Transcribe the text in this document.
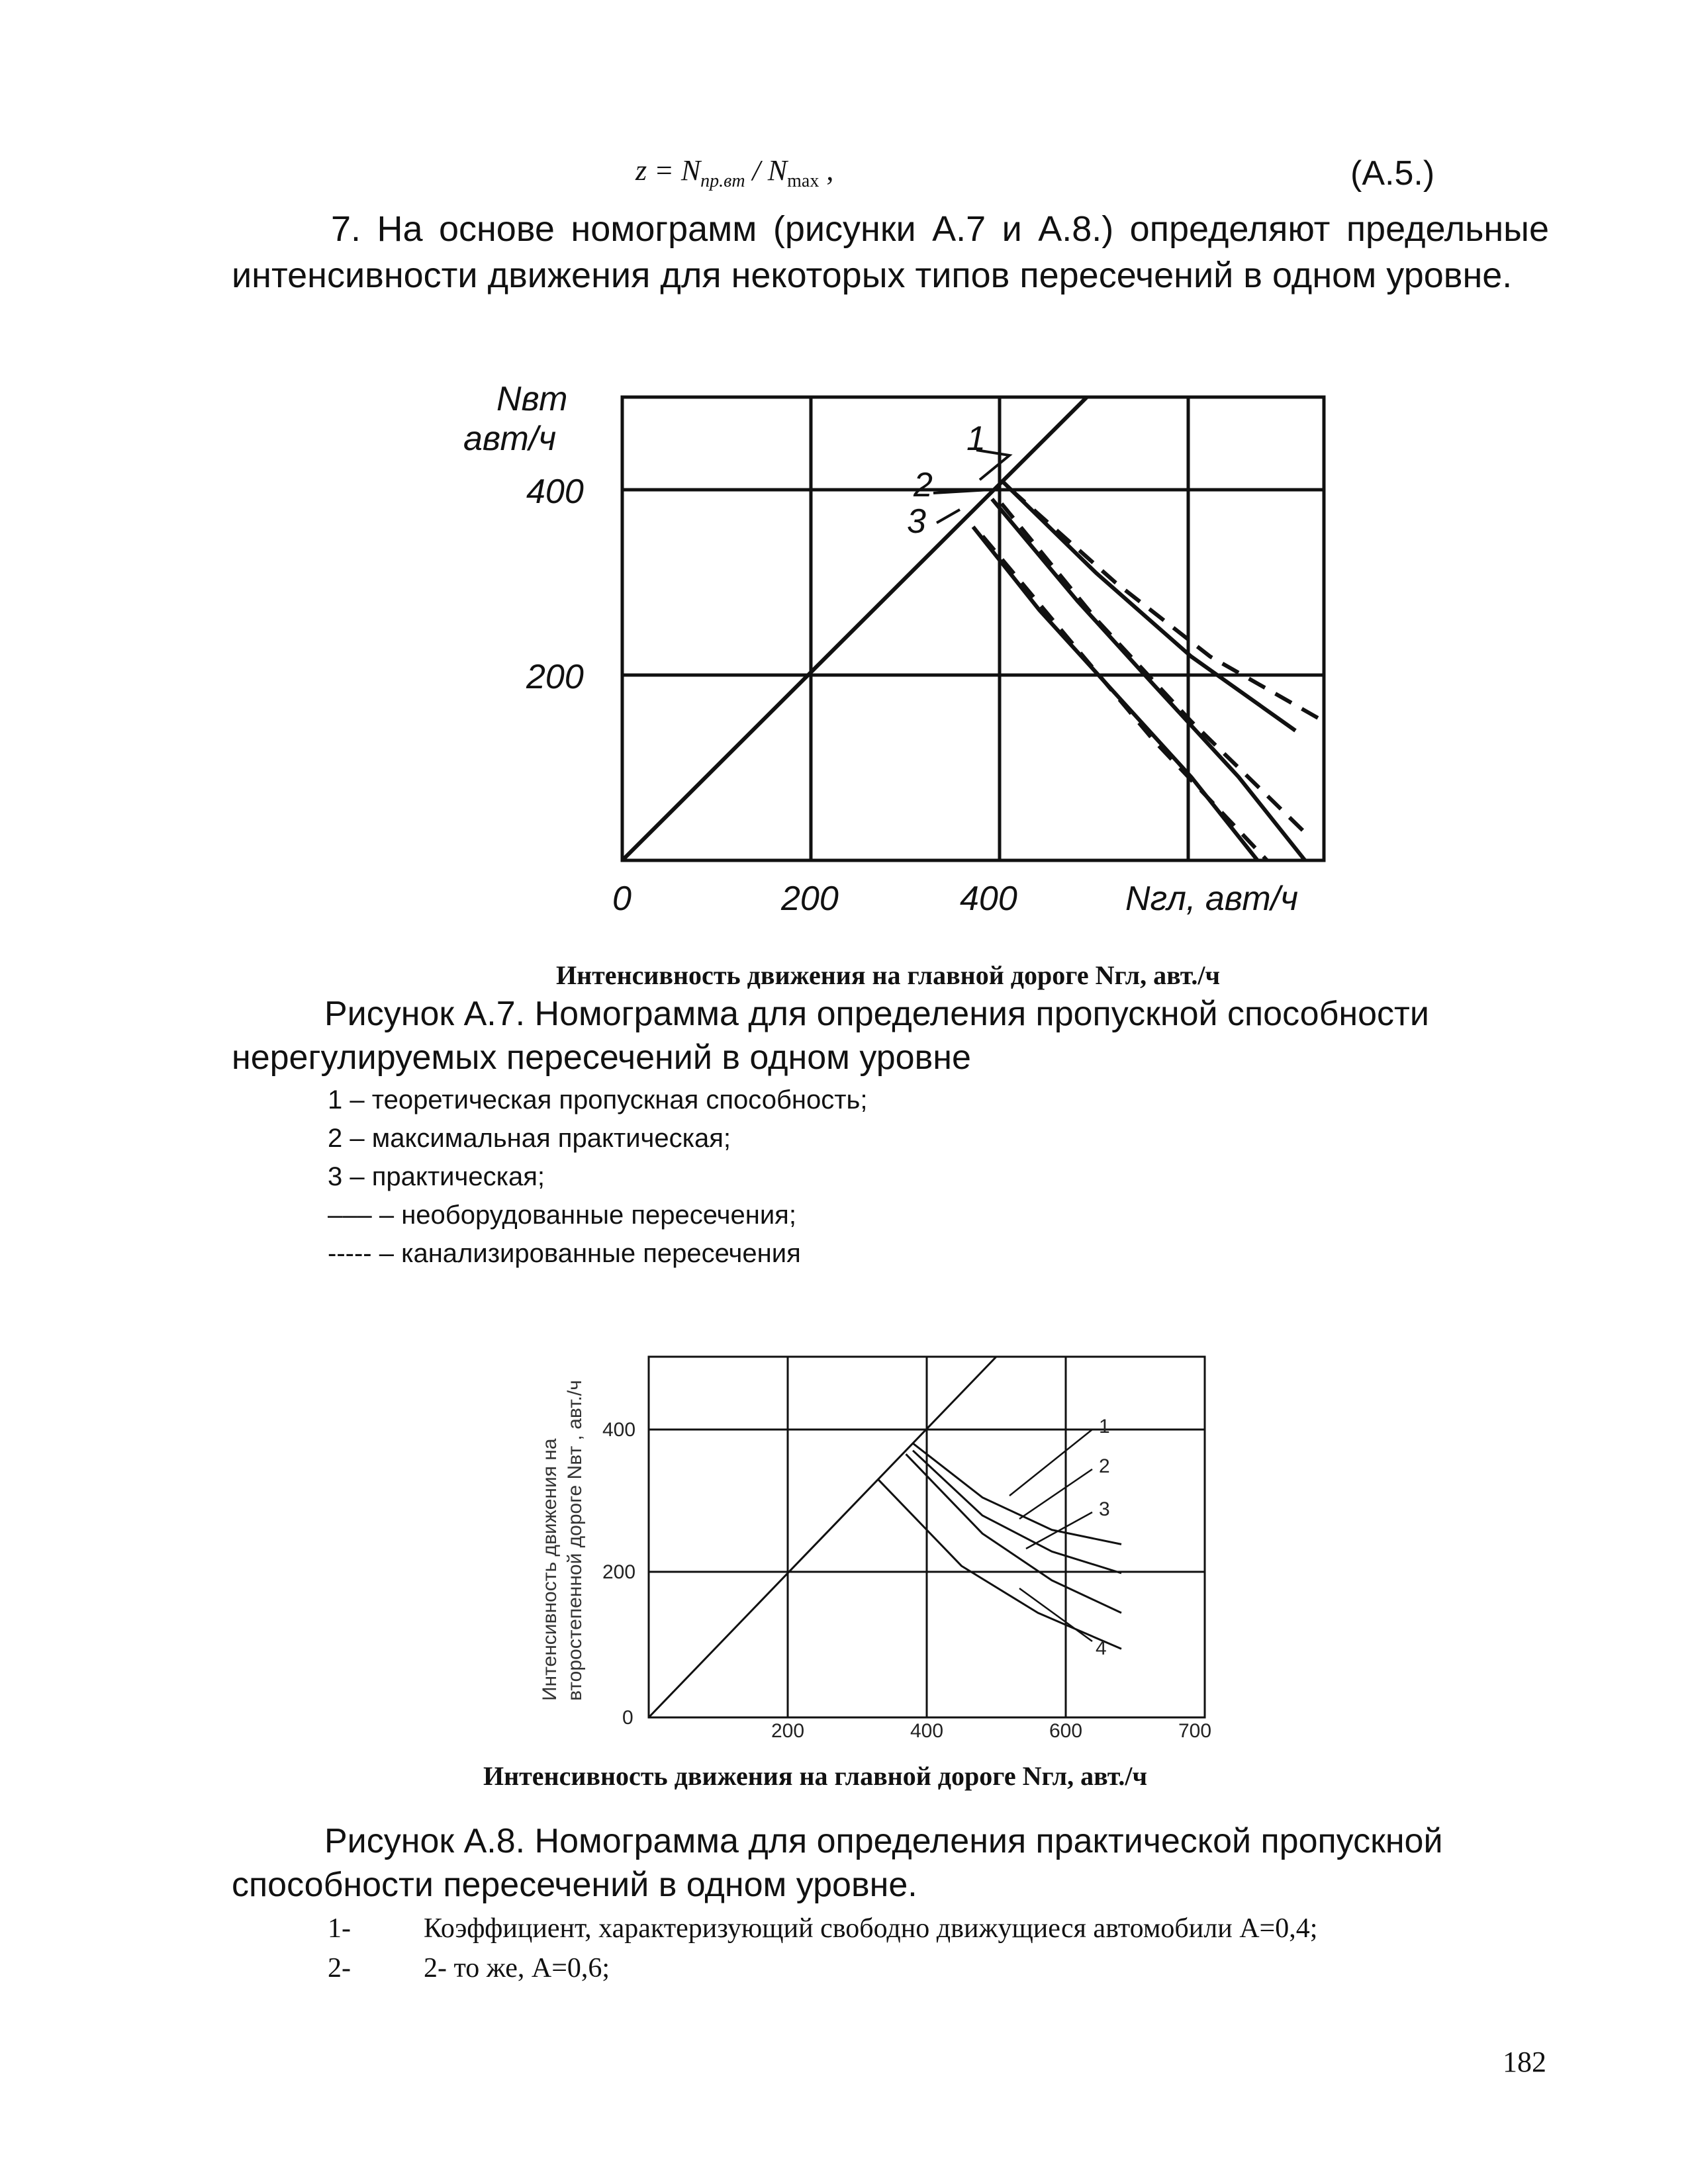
$z = N_{пр.вт} / N_{max}$ ,	(А.5.)
7. На основе номограмм (рисунки А.7 и А.8.) определяют предельные
интенсивности движения для некоторых типов пересечений в одном уровне.
Nвт
авт/ч
400
200
0	200	400	Nгл, авт/ч
1
2
3
Интенсивность движения на главной дороге Nгл, авт./ч
Рисунок А.7. Номограмма для определения пропускной способности
нерегулируемых пересечений в одном уровне
1 – теоретическая пропускная способность;
2 – максимальная практическая;
3 – практическая;
––– – необорудованные пересечения;
----- – канализированные пересечения
Интенсивность движения на второстепенной дороге Nвт , авт./ч 400
200
0
200	400	600	700
1
2
3
4
Интенсивность движения на главной дороге Nгл, авт./ч
Рисунок А.8. Номограмма для определения практической пропускной
способности пересечений в одном уровне.
1-	Коэффициент, характеризующий свободно движущиеся автомобили А=0,4;
2-	2- то же, А=0,6;
182
